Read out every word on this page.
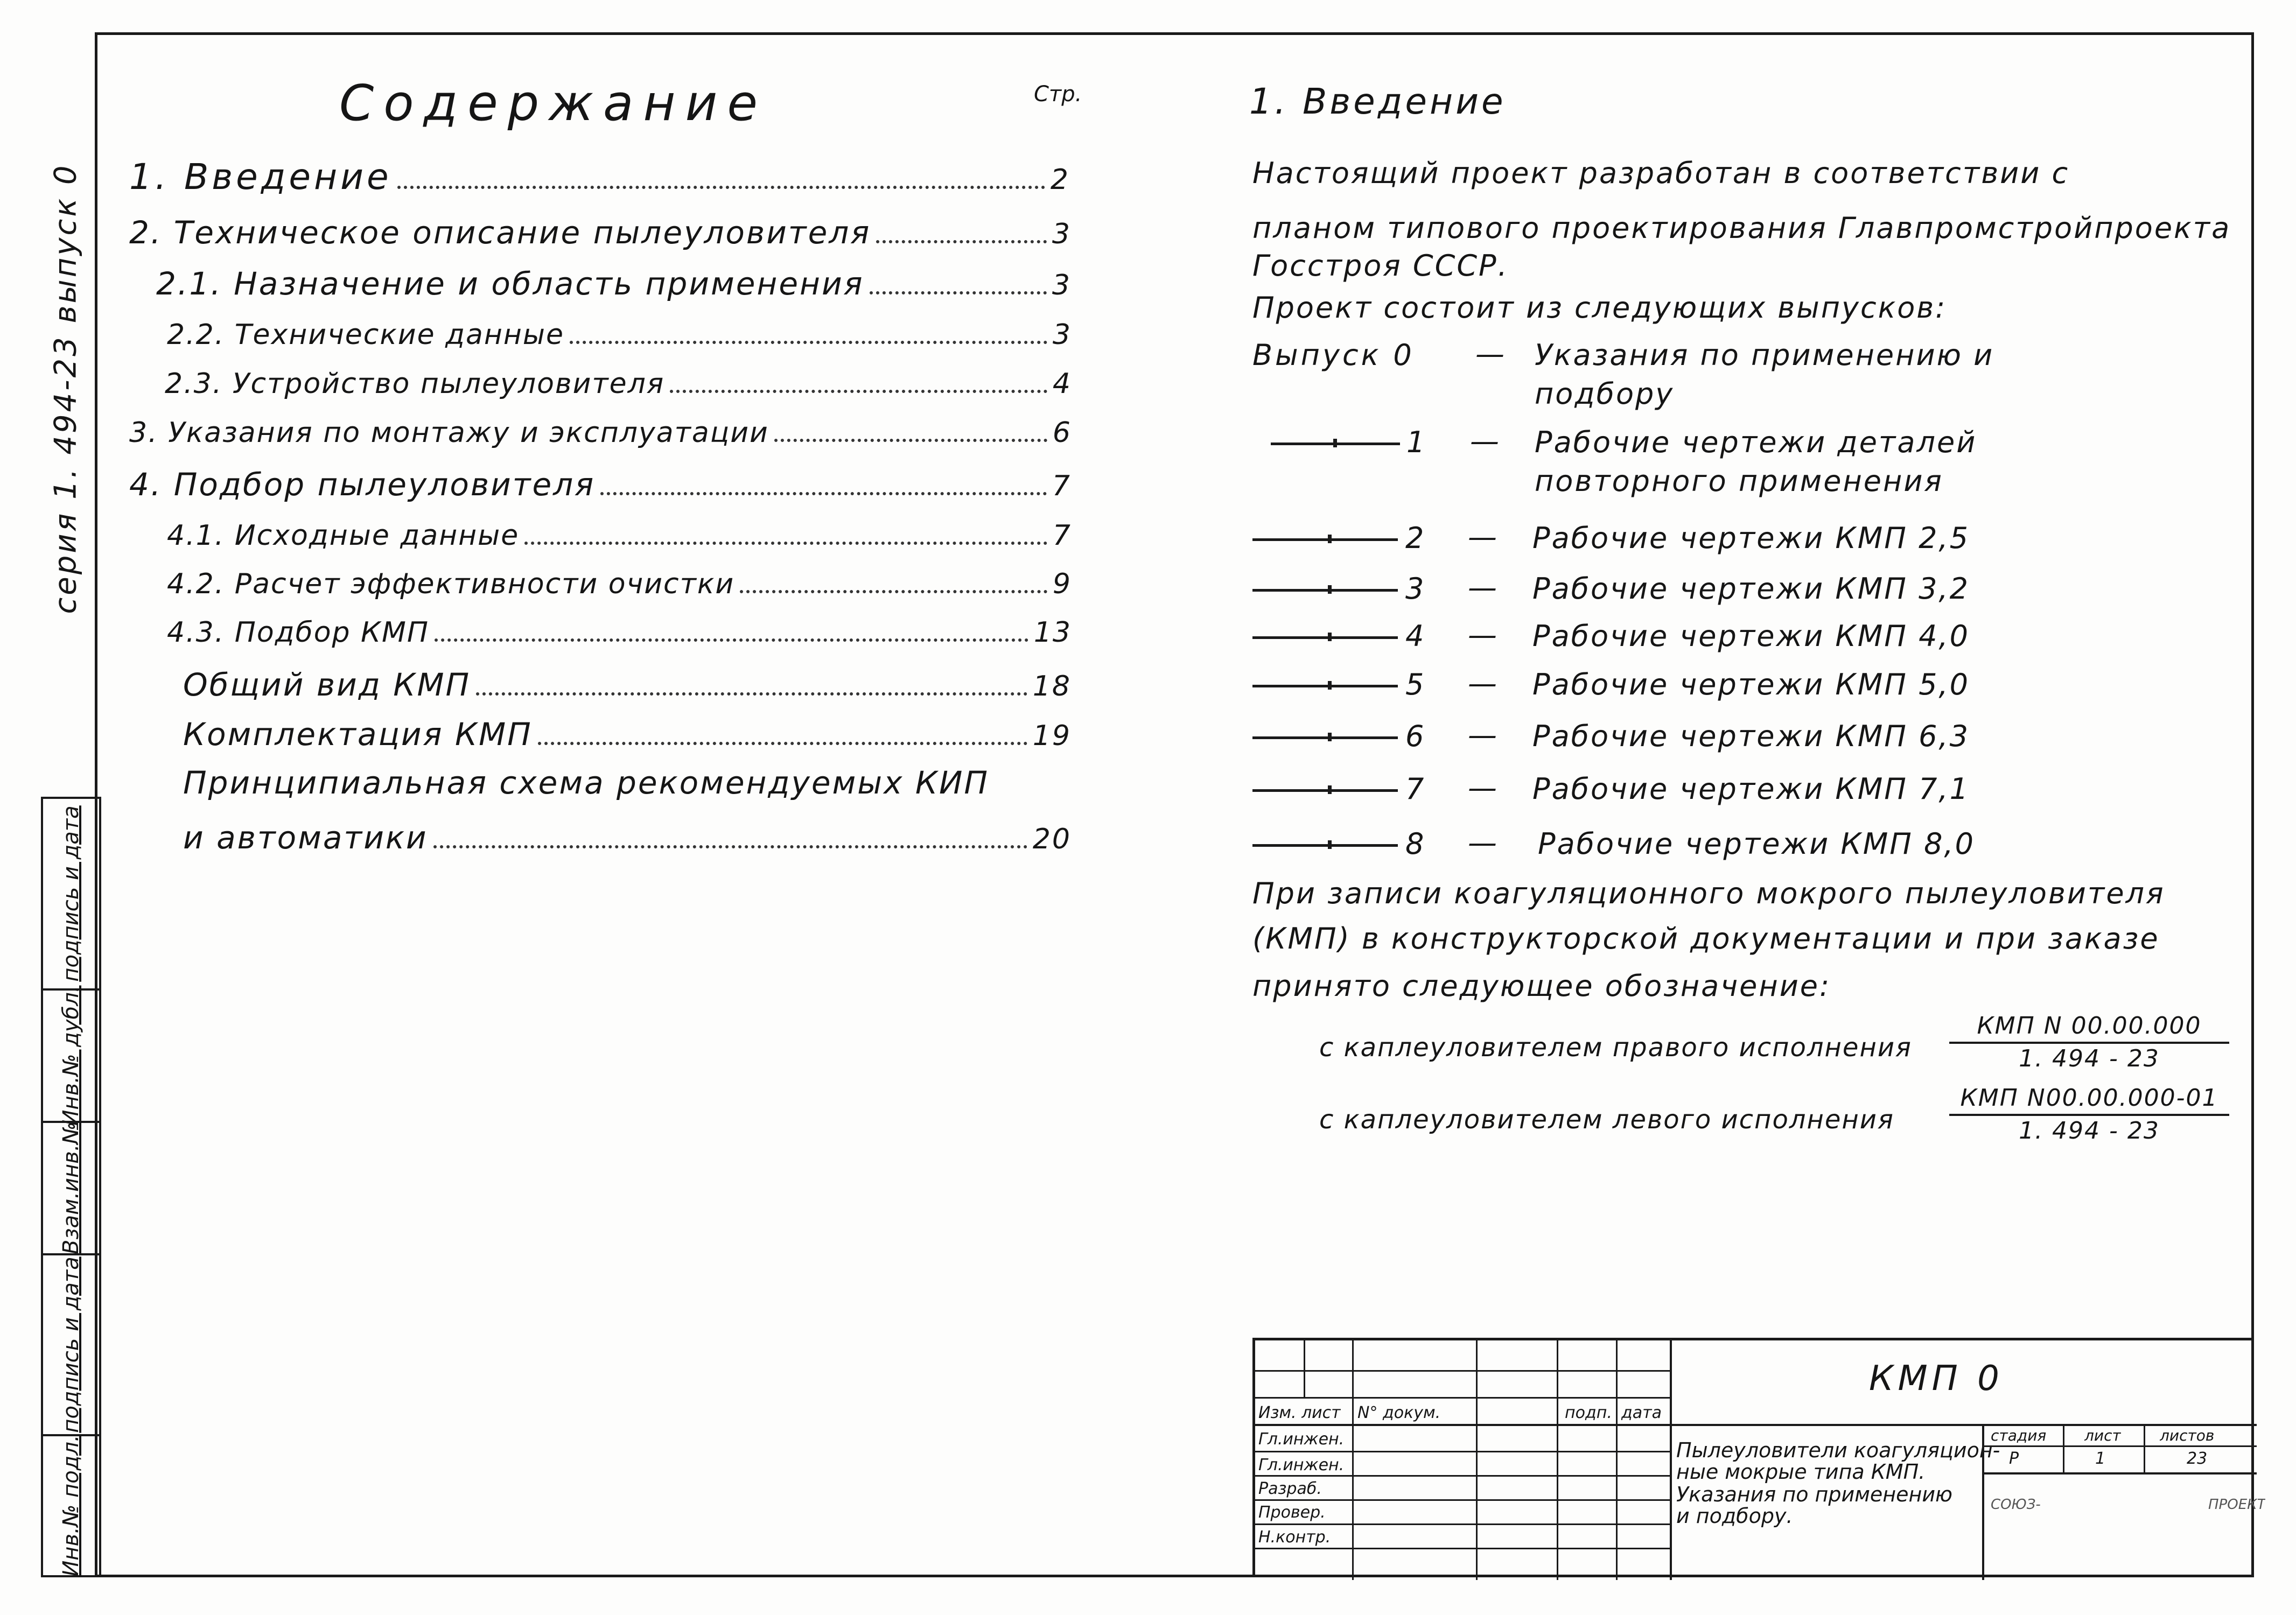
серия 1. 494-23 выпуск 0
подпись и дата
Инв.№ дубл.
Взам.инв.№
подпись и дата
Инв.№ подл.
Содержание	Стр.
1. Введение	2
2. Техническое описание пылеуловителя	3
2.1. Назначение и область применения	3
2.2. Технические данные	3
2.3. Устройство пылеуловителя	4
3. Указания по монтажу и эксплуатации	6
4. Подбор пылеуловителя	7
4.1. Исходные данные	7
4.2. Расчет эффективности очистки	9
4.3. Подбор КМП	13
Общий вид КМП	18
Комплектация КМП	19
Принципиальная схема рекомендуемых КИП
и автоматики	20
1. Введение
Настоящий проект разработан в соответствии с
планом типового проектирования Главпромстройпроекта
Госстроя СССР.
Проект состоит из следующих выпусков:
Выпуск 0 — Указания по применению и
подбору
1 — Рабочие чертежи деталей
повторного применения
2 — Рабочие чертежи КМП 2,5
3 — Рабочие чертежи КМП 3,2
4 — Рабочие чертежи КМП 4,0
5 — Рабочие чертежи КМП 5,0
6 — Рабочие чертежи КМП 6,3
7 — Рабочие чертежи КМП 7,1
8 — Рабочие чертежи КМП 8,0
При записи коагуляционного мокрого пылеуловителя
(КМП) в конструкторской документации и при заказе
принято следующее обозначение:
с каплеуловителем правого исполнения
КМП N 00.00.000
1. 494 - 23
с каплеуловителем левого исполнения
КМП N00.00.000-01
1. 494 - 23
Изм. лист N° докум.	подп. дата
Гл.инжен.
Гл.инжен.
Разраб.
Провер.
Н.контр.
КМП 0
Пылеуловители коагуляцион-
ные мокрые типа КМП.
Указания по применению
и подбору.
стадия	лист	листов
Р	1	23
СОЮЗ-	ПРОЕКТ
